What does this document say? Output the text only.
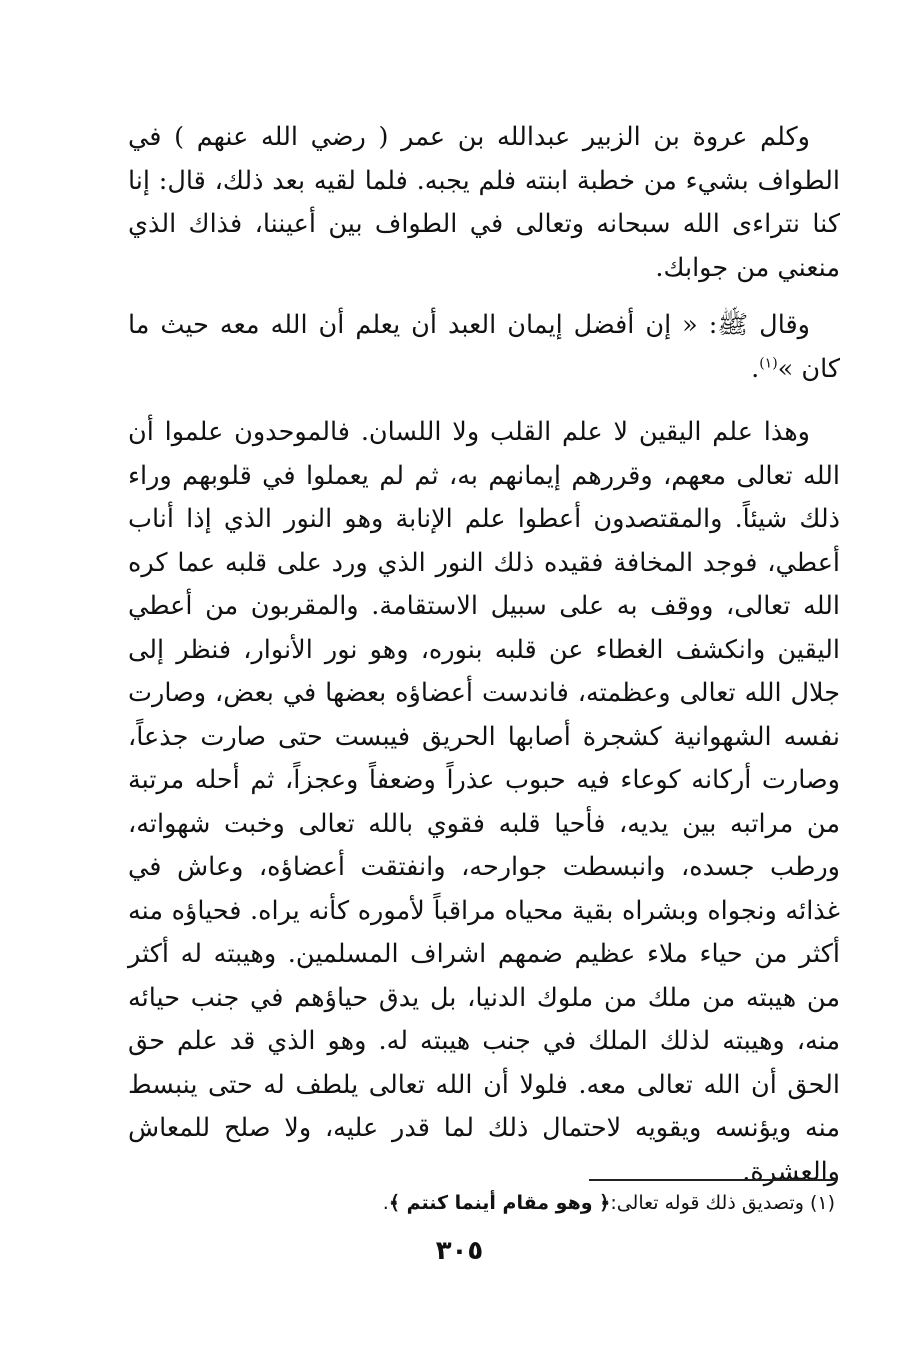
وكلم عروة بن الزبير عبدالله بن عمر ( رضي الله عنهم ) في الطواف بشيء من خطبة ابنته فلم يجبه. فلما لقيه بعد ذلك، قال: إنا كنا نتراءى الله سبحانه وتعالى في الطواف بين أعيننا، فذاك الذي منعني من جوابك.

وقال ﷺ: « إن أفضل إيمان العبد أن يعلم أن الله معه حيث ما كان »$^{(١)}$.

وهذا علم اليقين لا علم القلب ولا اللسان. فالموحدون علموا أن الله تعالى معهم، وقررهم إيمانهم به، ثم لم يعملوا في قلوبهم وراء ذلك شيئاً. والمقتصدون أعطوا علم الإنابة وهو النور الذي إذا أناب أعطي، فوجد المخافة فقيده ذلك النور الذي ورد على قلبه عما كره الله تعالى، ووقف به على سبيل الاستقامة. والمقربون من أعطي اليقين وانكشف الغطاء عن قلبه بنوره، وهو نور الأنوار، فنظر إلى جلال الله تعالى وعظمته، فاندست أعضاؤه بعضها في بعض، وصارت نفسه الشهوانية كشجرة أصابها الحريق فيبست حتى صارت جذعاً، وصارت أركانه كوعاء فيه حبوب عذراً وضعفاً وعجزاً، ثم أحله مرتبة من مراتبه بين يديه، فأحيا قلبه فقوي بالله تعالى وخبت شهواته، ورطب جسده، وانبسطت جوارحه، وانفتقت أعضاؤه، وعاش في غذائه ونجواه وبشراه بقية محياه مراقباً لأموره كأنه يراه. فحياؤه منه أكثر من حياء ملاء عظيم ضمهم اشراف المسلمين. وهيبته له أكثر من هيبته من ملك من ملوك الدنيا، بل يدق حياؤهم في جنب حيائه منه، وهيبته لذلك الملك في جنب هيبته له. وهو الذي قد علم حق الحق أن الله تعالى معه. فلولا أن الله تعالى يلطف له حتى ينبسط منه ويؤنسه ويقويه لاحتمال ذلك لما قدر عليه، ولا صلح للمعاش والعشرة.

(١) وتصديق ذلك قوله تعالى:﴿ وهو مقام أينما كنتم ﴾.
٣٠٥
